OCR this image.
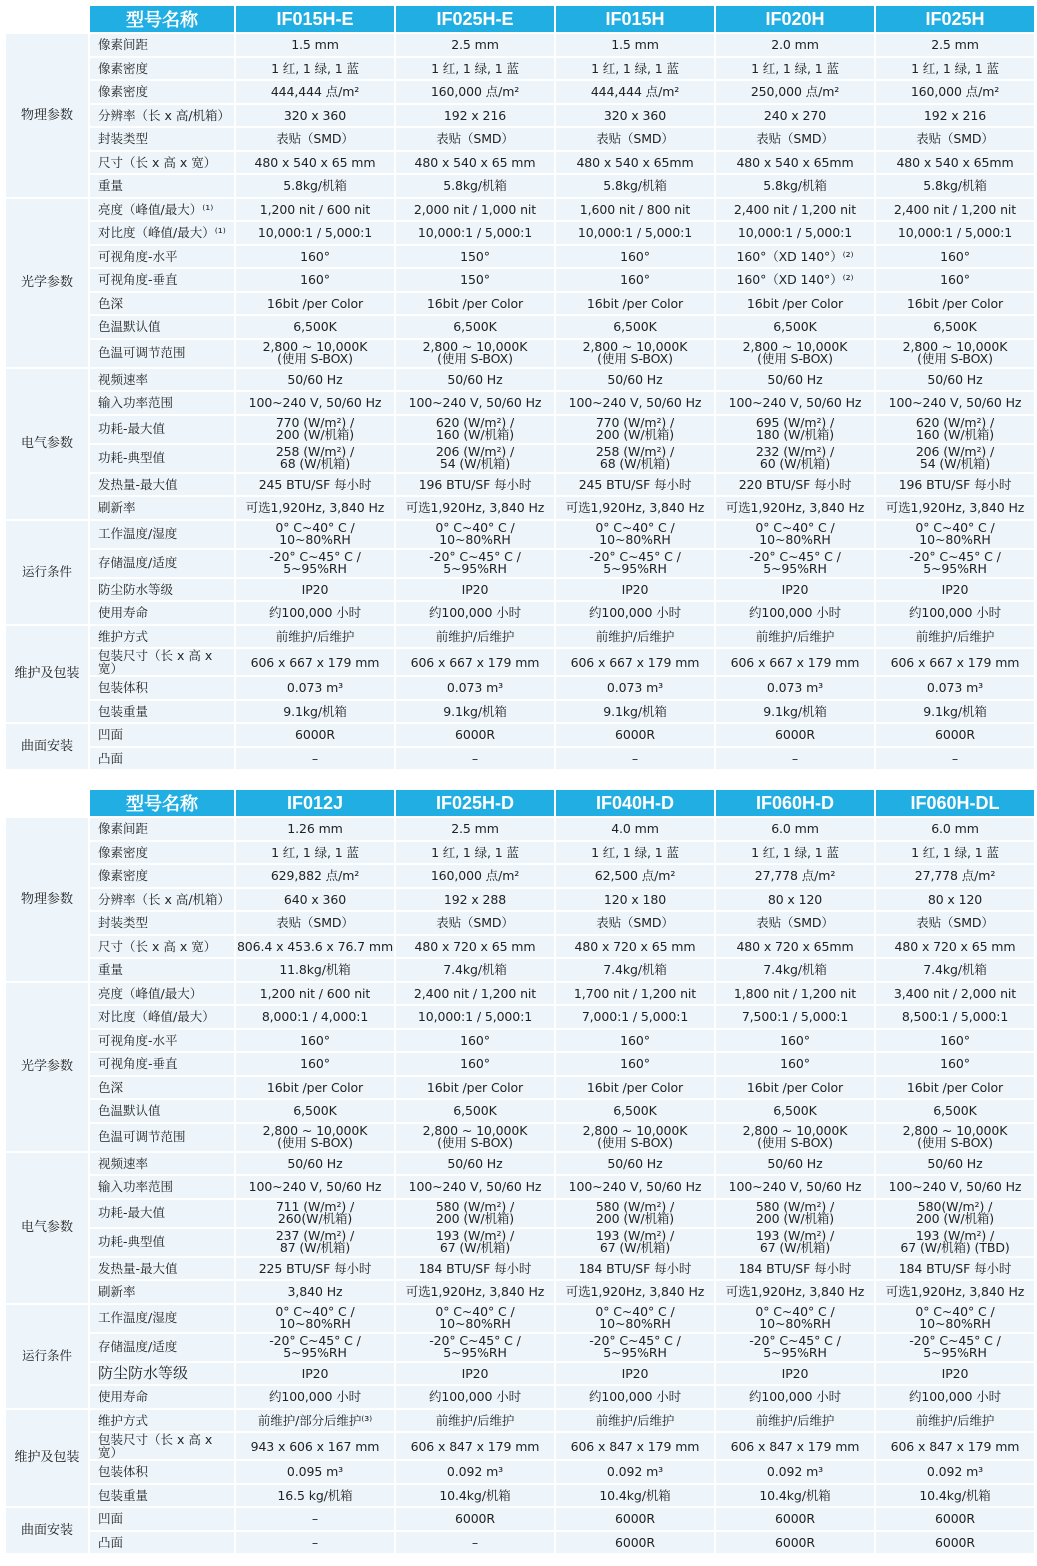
	型号名称	IF015H-E	IF025H-E	IF015H	IF020H	IF025H
物理参数	像素间距	1.5 mm	2.5 mm	1.5 mm	2.0 mm	2.5 mm
	像素密度	1 红, 1 绿, 1 蓝	1 红, 1 绿, 1 蓝	1 红, 1 绿, 1 蓝	1 红, 1 绿, 1 蓝	1 红, 1 绿, 1 蓝
	像素密度	444,444 点/m²	160,000 点/m²	444,444 点/m²	250,000 点/m²	160,000 点/m²
	分辨率（长 x 高/机箱）	320 x 360	192 x 216	320 x 360	240 x 270	192 x 216
	封装类型	表贴（SMD）	表贴（SMD）	表贴（SMD）	表贴（SMD）	表贴（SMD）
	尺寸（长 x 高 x 宽）	480 x 540 x 65 mm	480 x 540 x 65 mm	480 x 540 x 65mm	480 x 540 x 65mm	480 x 540 x 65mm
	重量	5.8kg/机箱	5.8kg/机箱	5.8kg/机箱	5.8kg/机箱	5.8kg/机箱
光学参数	亮度（峰值/最大）⁽¹⁾	1,200 nit / 600 nit	2,000 nit / 1,000 nit	1,600 nit / 800 nit	2,400 nit / 1,200 nit	2,400 nit / 1,200 nit
	对比度（峰值/最大）⁽¹⁾	10,000:1 / 5,000:1	10,000:1 / 5,000:1	10,000:1 / 5,000:1	10,000:1 / 5,000:1	10,000:1 / 5,000:1
	可视角度-水平	160°	150°	160°	160°（XD 140°）⁽²⁾	160°
	可视角度-垂直	160°	150°	160°	160°（XD 140°）⁽²⁾	160°
	色深	16bit /per Color	16bit /per Color	16bit /per Color	16bit /per Color	16bit /per Color
	色温默认值	6,500K	6,500K	6,500K	6,500K	6,500K
	色温可调节范围	2,800 ~ 10,000K
(使用 S-BOX)	2,800 ~ 10,000K
(使用 S-BOX)	2,800 ~ 10,000K
(使用 S-BOX)	2,800 ~ 10,000K
(使用 S-BOX)	2,800 ~ 10,000K
(使用 S-BOX)
电气参数	视频速率	50/60 Hz	50/60 Hz	50/60 Hz	50/60 Hz	50/60 Hz
	输入功率范围	100~240 V, 50/60 Hz	100~240 V, 50/60 Hz	100~240 V, 50/60 Hz	100~240 V, 50/60 Hz	100~240 V, 50/60 Hz
	功耗-最大值	770 (W/m²) /
200 (W/机箱)	620 (W/m²) /
160 (W/机箱)	770 (W/m²) /
200 (W/机箱)	695 (W/m²) /
180 (W/机箱)	620 (W/m²) /
160 (W/机箱)
	功耗-典型值	258 (W/m²) /
68 (W/机箱)	206 (W/m²) /
54 (W/机箱)	258 (W/m²) /
68 (W/机箱)	232 (W/m²) /
60 (W/机箱)	206 (W/m²) /
54 (W/机箱)
	发热量-最大值	245 BTU/SF 每小时	196 BTU/SF 每小时	245 BTU/SF 每小时	220 BTU/SF 每小时	196 BTU/SF 每小时
	刷新率	可选1,920Hz, 3,840 Hz	可选1,920Hz, 3,840 Hz	可选1,920Hz, 3,840 Hz	可选1,920Hz, 3,840 Hz	可选1,920Hz, 3,840 Hz
运行条件	工作温度/湿度	0° C~40° C /
10~80%RH	0° C~40° C /
10~80%RH	0° C~40° C /
10~80%RH	0° C~40° C /
10~80%RH	0° C~40° C /
10~80%RH
	存储温度/适度	-20° C~45° C /
5~95%RH	-20° C~45° C /
5~95%RH	-20° C~45° C /
5~95%RH	-20° C~45° C /
5~95%RH	-20° C~45° C /
5~95%RH
	防尘防水等级	IP20	IP20	IP20	IP20	IP20
	使用寿命	约100,000 小时	约100,000 小时	约100,000 小时	约100,000 小时	约100,000 小时
维护及包装	维护方式	前维护/后维护	前维护/后维护	前维护/后维护	前维护/后维护	前维护/后维护
	包装尺寸（长 x 高 x 宽）	606 x 667 x 179 mm	606 x 667 x 179 mm	606 x 667 x 179 mm	606 x 667 x 179 mm	606 x 667 x 179 mm
	包装体积	0.073 m³	0.073 m³	0.073 m³	0.073 m³	0.073 m³
	包装重量	9.1kg/机箱	9.1kg/机箱	9.1kg/机箱	9.1kg/机箱	9.1kg/机箱
曲面安装	凹面	6000R	6000R	6000R	6000R	6000R
	凸面	–	–	–	–	–
	型号名称	IF012J	IF025H-D	IF040H-D	IF060H-D	IF060H-DL
物理参数	像素间距	1.26 mm	2.5 mm	4.0 mm	6.0 mm	6.0 mm
	像素密度	1 红, 1 绿, 1 蓝	1 红, 1 绿, 1 蓝	1 红, 1 绿, 1 蓝	1 红, 1 绿, 1 蓝	1 红, 1 绿, 1 蓝
	像素密度	629,882 点/m²	160,000 点/m²	62,500 点/m²	27,778 点/m²	27,778 点/m²
	分辨率（长 x 高/机箱）	640 x 360	192 x 288	120 x 180	80 x 120	80 x 120
	封装类型	表贴（SMD）	表贴（SMD）	表贴（SMD）	表贴（SMD）	表贴（SMD）
	尺寸（长 x 高 x 宽）	806.4 x 453.6 x 76.7 mm	480 x 720 x 65 mm	480 x 720 x 65 mm	480 x 720 x 65mm	480 x 720 x 65 mm
	重量	11.8kg/机箱	7.4kg/机箱	7.4kg/机箱	7.4kg/机箱	7.4kg/机箱
光学参数	亮度（峰值/最大）	1,200 nit / 600 nit	2,400 nit / 1,200 nit	1,700 nit / 1,200 nit	1,800 nit / 1,200 nit	3,400 nit / 2,000 nit
	对比度（峰值/最大）	8,000:1 / 4,000:1	10,000:1 / 5,000:1	7,000:1 / 5,000:1	7,500:1 / 5,000:1	8,500:1 / 5,000:1
	可视角度-水平	160°	160°	160°	160°	160°
	可视角度-垂直	160°	160°	160°	160°	160°
	色深	16bit /per Color	16bit /per Color	16bit /per Color	16bit /per Color	16bit /per Color
	色温默认值	6,500K	6,500K	6,500K	6,500K	6,500K
	色温可调节范围	2,800 ~ 10,000K
(使用 S-BOX)	2,800 ~ 10,000K
(使用 S-BOX)	2,800 ~ 10,000K
(使用 S-BOX)	2,800 ~ 10,000K
(使用 S-BOX)	2,800 ~ 10,000K
(使用 S-BOX)
电气参数	视频速率	50/60 Hz	50/60 Hz	50/60 Hz	50/60 Hz	50/60 Hz
	输入功率范围	100~240 V, 50/60 Hz	100~240 V, 50/60 Hz	100~240 V, 50/60 Hz	100~240 V, 50/60 Hz	100~240 V, 50/60 Hz
	功耗-最大值	711 (W/m²) /
260(W/机箱)	580 (W/m²) /
200 (W/机箱)	580 (W/m²) /
200 (W/机箱)	580 (W/m²) /
200 (W/机箱)	580(W/m²) /
200 (W/机箱)
	功耗-典型值	237 (W/m²) /
87 (W/机箱)	193 (W/m²) /
67 (W/机箱)	193 (W/m²) /
67 (W/机箱)	193 (W/m²) /
67 (W/机箱)	193 (W/m²) /
67 (W/机箱) (TBD)
	发热量-最大值	225 BTU/SF 每小时	184 BTU/SF 每小时	184 BTU/SF 每小时	184 BTU/SF 每小时	184 BTU/SF 每小时
	刷新率	3,840 Hz	可选1,920Hz, 3,840 Hz	可选1,920Hz, 3,840 Hz	可选1,920Hz, 3,840 Hz	可选1,920Hz, 3,840 Hz
运行条件	工作温度/湿度	0° C~40° C /
10~80%RH	0° C~40° C /
10~80%RH	0° C~40° C /
10~80%RH	0° C~40° C /
10~80%RH	0° C~40° C /
10~80%RH
	存储温度/适度	-20° C~45° C /
5~95%RH	-20° C~45° C /
5~95%RH	-20° C~45° C /
5~95%RH	-20° C~45° C /
5~95%RH	-20° C~45° C /
5~95%RH
	防尘防水等级	IP20	IP20	IP20	IP20	IP20
	使用寿命	约100,000 小时	约100,000 小时	约100,000 小时	约100,000 小时	约100,000 小时
维护及包装	维护方式	前维护/部分后维护⁽³⁾	前维护/后维护	前维护/后维护	前维护/后维护	前维护/后维护
	包装尺寸（长 x 高 x 宽）	943 x 606 x 167 mm	606 x 847 x 179 mm	606 x 847 x 179 mm	606 x 847 x 179 mm	606 x 847 x 179 mm
	包装体积	0.095 m³	0.092 m³	0.092 m³	0.092 m³	0.092 m³
	包装重量	16.5 kg/机箱	10.4kg/机箱	10.4kg/机箱	10.4kg/机箱	10.4kg/机箱
曲面安装	凹面	–	6000R	6000R	6000R	6000R
	凸面	–	–	6000R	6000R	6000R
